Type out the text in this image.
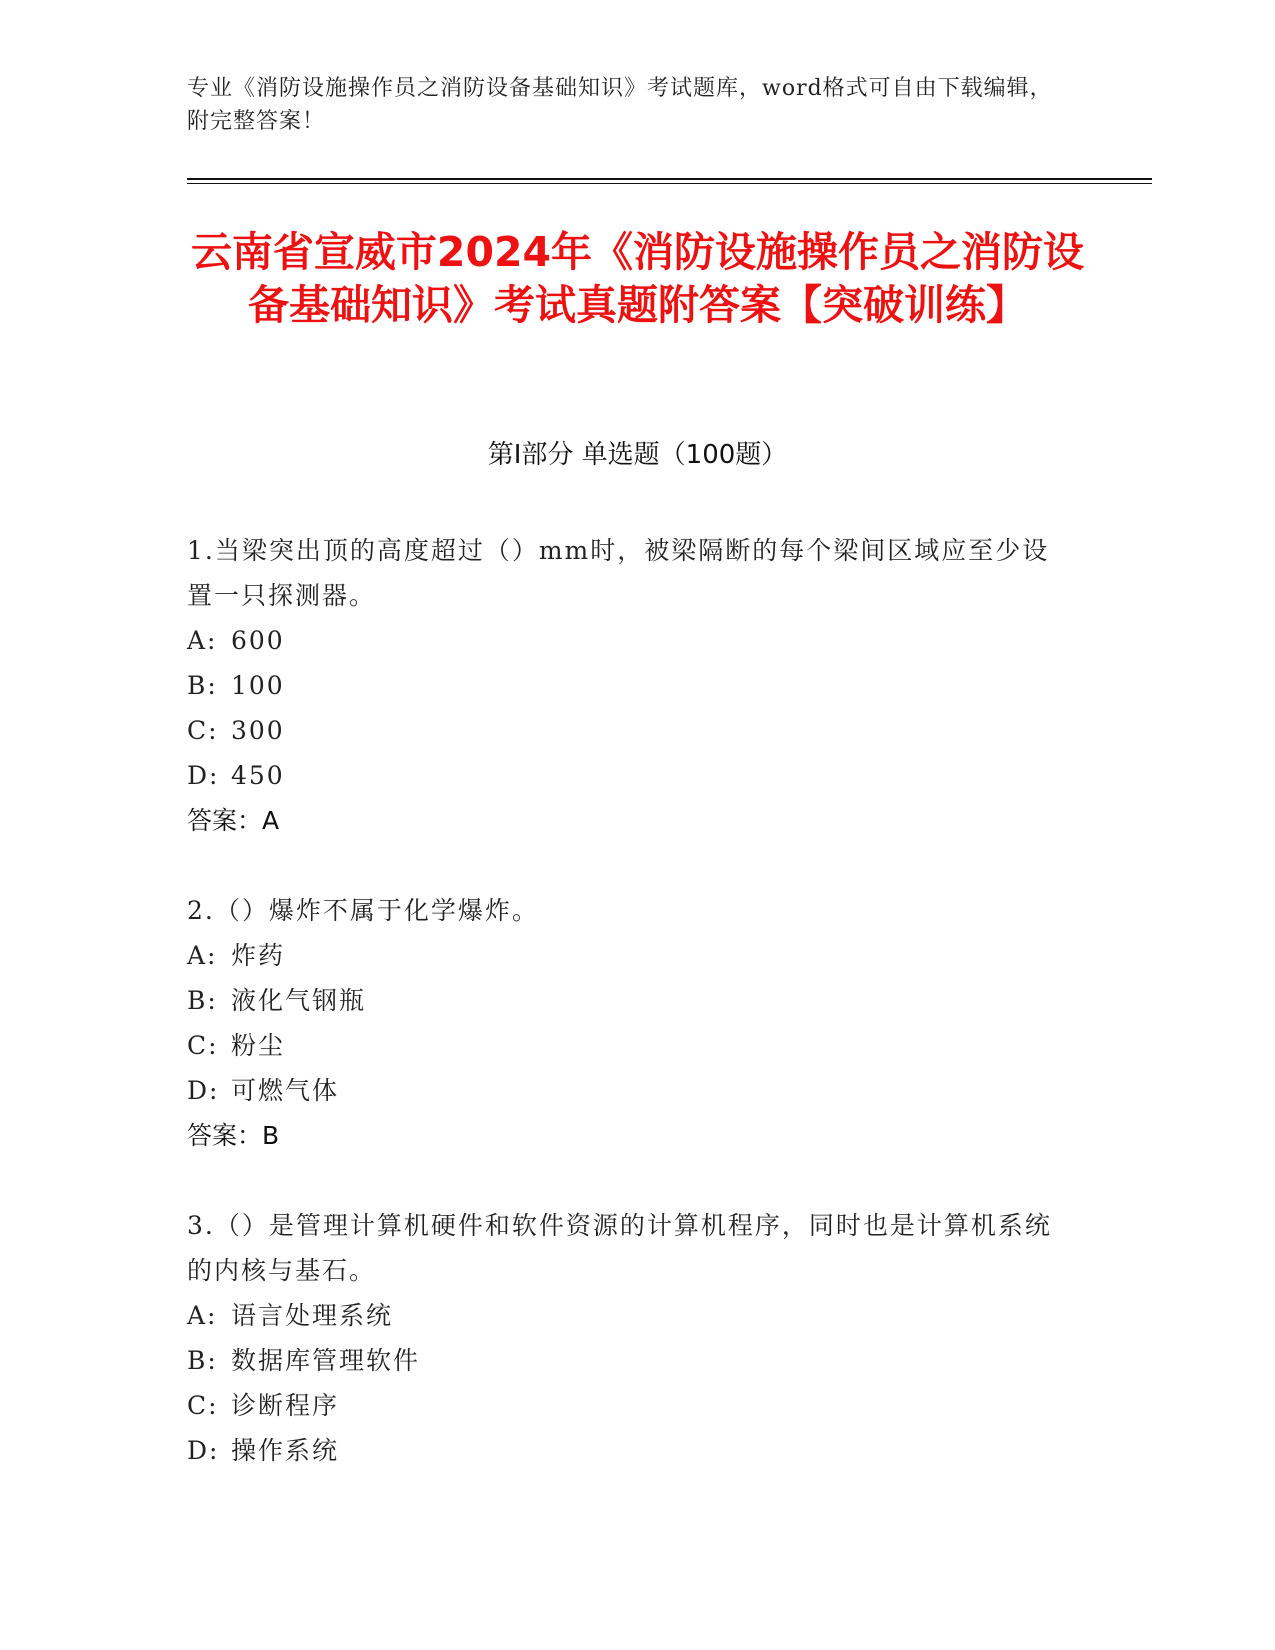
专业《消防设施操作员之消防设备基础知识》考试题库，word格式可自由下载编辑，附完整答案！
云南省宣威市2024年《消防设施操作员之消防设备基础知识》考试真题附答案【突破训练】
第I部分 单选题（100题）

1.当梁突出顶的高度超过（）mm时，被梁隔断的每个梁间区域应至少设置一只探测器。

A: 600

B: 100

C: 300

D: 450

答案：A

2.（）爆炸不属于化学爆炸。

A: 炸药

B: 液化气钢瓶

C: 粉尘

D: 可燃气体

答案：B

3.（）是管理计算机硬件和软件资源的计算机程序，同时也是计算机系统的内核与基石。

A: 语言处理系统

B: 数据库管理软件

C: 诊断程序

D: 操作系统
